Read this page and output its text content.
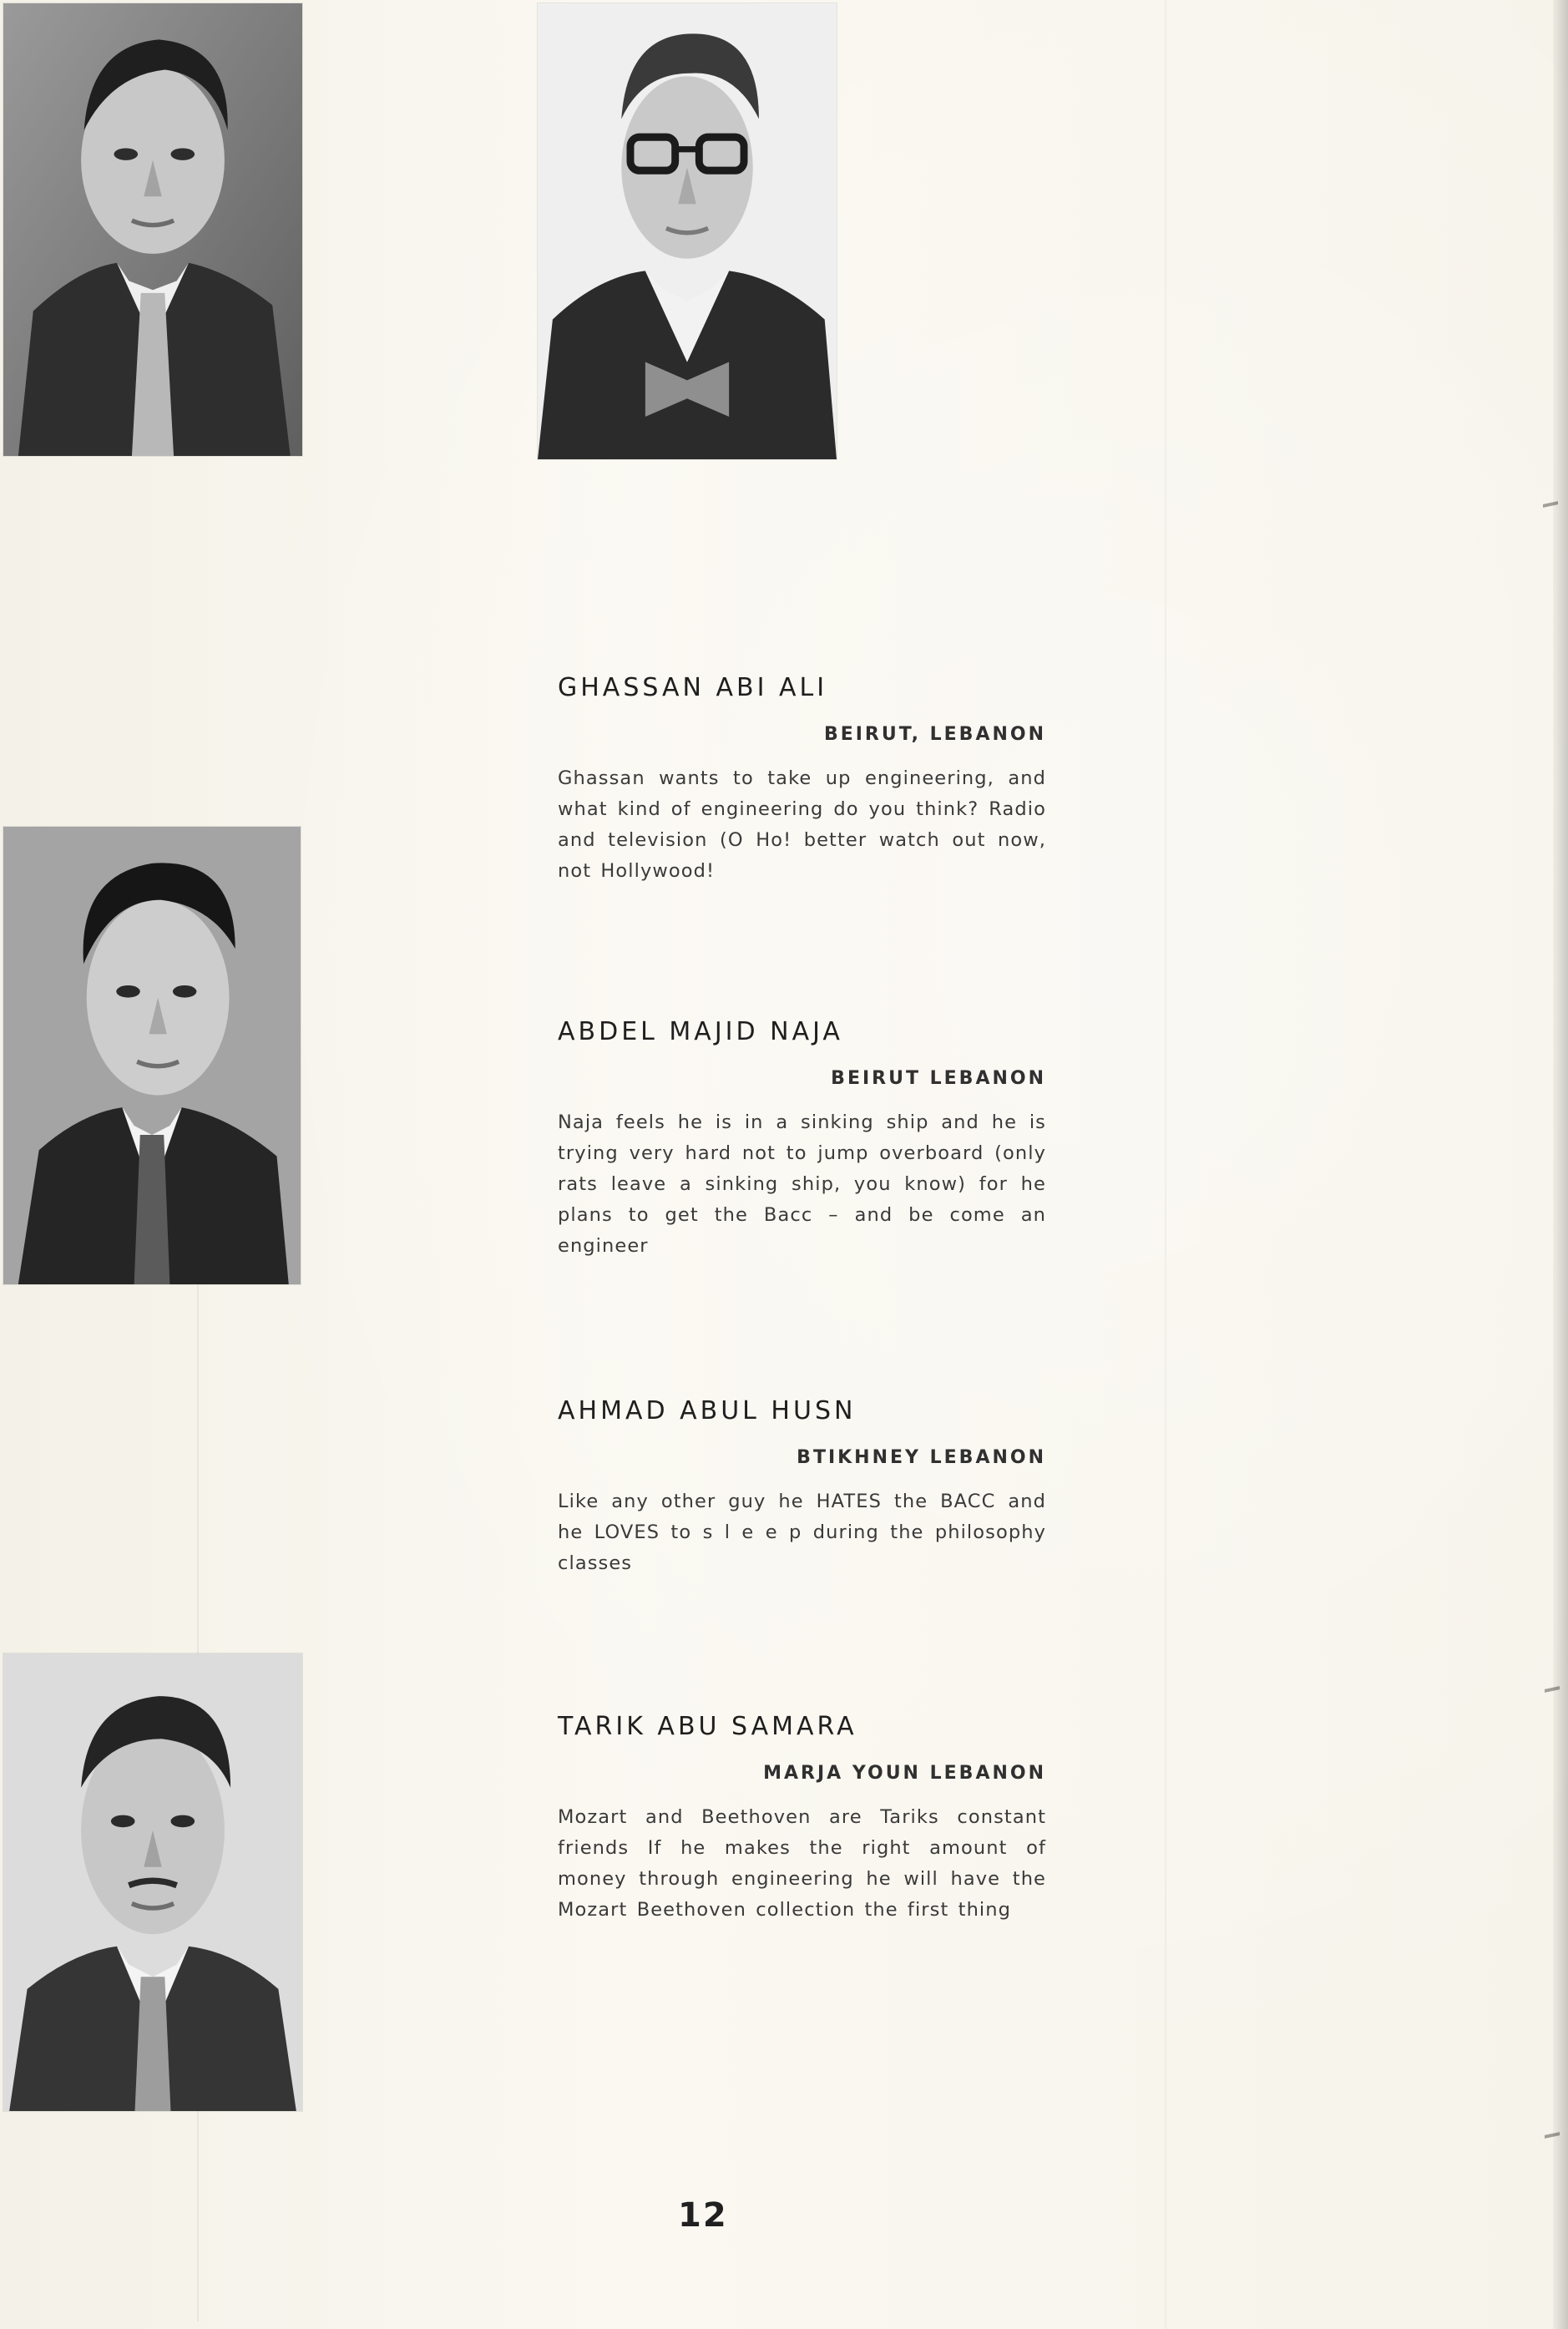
GHASSAN ABI ALI
BEIRUT, LEBANON
Ghassan wants to take up engineering, and what kind of engineering do you think? Radio and television (O Ho! better watch out now, not Hollywood!
ABDEL MAJID NAJA
BEIRUT LEBANON
Naja feels he is in a sinking ship and he is trying very hard not to jump overboard (only rats leave a sinking ship, you know) for he plans to get the Bacc – and be come an engineer
AHMAD ABUL HUSN
BTIKHNEY LEBANON
Like any other guy he HATES the BACC and he LOVES to s l e e p during the philosophy classes
TARIK ABU SAMARA
MARJA YOUN LEBANON
Mozart and Beethoven are Tariks constant friends If he makes the right amount of money through engineering he will have the Mozart Beethoven collection the first thing
12
